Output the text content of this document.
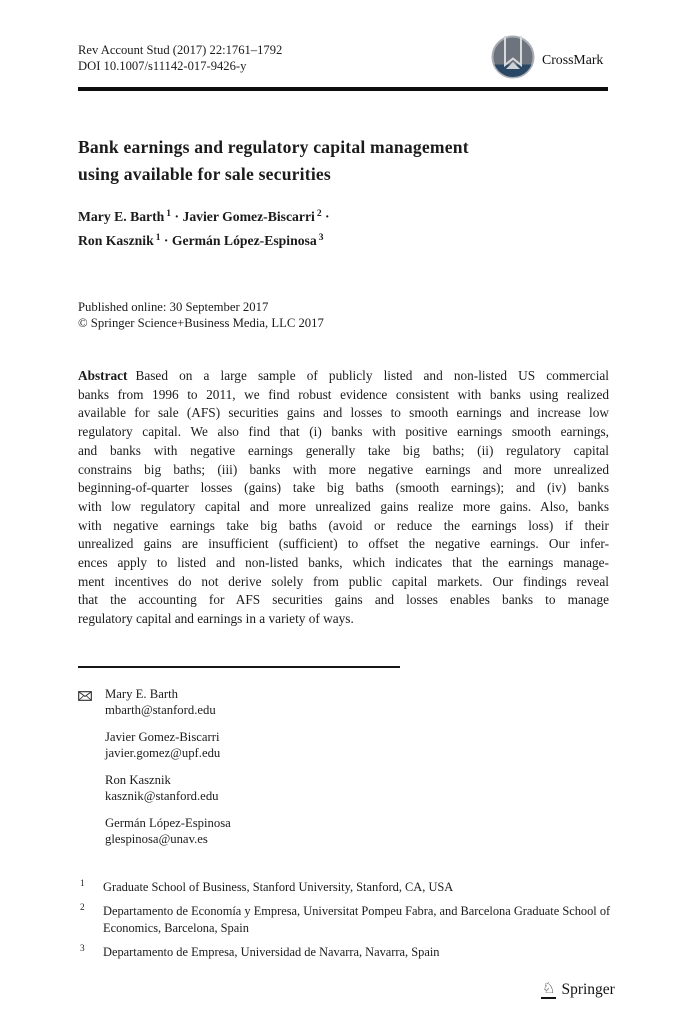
Rev Account Stud (2017) 22:1761–1792
DOI 10.1007/s11142-017-9426-y	CrossMark
Bank earnings and regulatory capital management
using available for sale securities
Mary E. Barth $^1$ · Javier Gomez-Biscarri $^2$ ·
Ron Kasznik $^1$ · Germán López-Espinosa $^3$
Published online: 30 September 2017
© Springer Science+Business Media, LLC 2017
Abstract Based on a large sample of publicly listed and non-listed US commercial
banks from 1996 to 2011, we find robust evidence consistent with banks using realized
available for sale (AFS) securities gains and losses to smooth earnings and increase low
regulatory capital. We also find that (i) banks with positive earnings smooth earnings,
and banks with negative earnings generally take big baths; (ii) regulatory capital
constrains big baths; (iii) banks with more negative earnings and more unrealized
beginning-of-quarter losses (gains) take big baths (smooth earnings); and (iv) banks
with low regulatory capital and more unrealized gains realize more gains. Also, banks
with negative earnings take big baths (avoid or reduce the earnings loss) if their
unrealized gains are insufficient (sufficient) to offset the negative earnings. Our infer-
ences apply to listed and non-listed banks, which indicates that the earnings manage-
ment incentives do not derive solely from public capital markets. Our findings reveal
that the accounting for AFS securities gains and losses enables banks to manage
regulatory capital and earnings in a variety of ways.
Mary E. Barth
mbarth@stanford.edu
Javier Gomez-Biscarri
javier.gomez@upf.edu
Ron Kasznik
kasznik@stanford.edu
Germán López-Espinosa
glespinosa@unav.es
1 Graduate School of Business, Stanford University, Stanford, CA, USA
2 Departamento de Economía y Empresa, Universitat Pompeu Fabra, and Barcelona Graduate School of Economics, Barcelona, Spain
3 Departamento de Empresa, Universidad de Navarra, Navarra, Spain
♘ Springer
